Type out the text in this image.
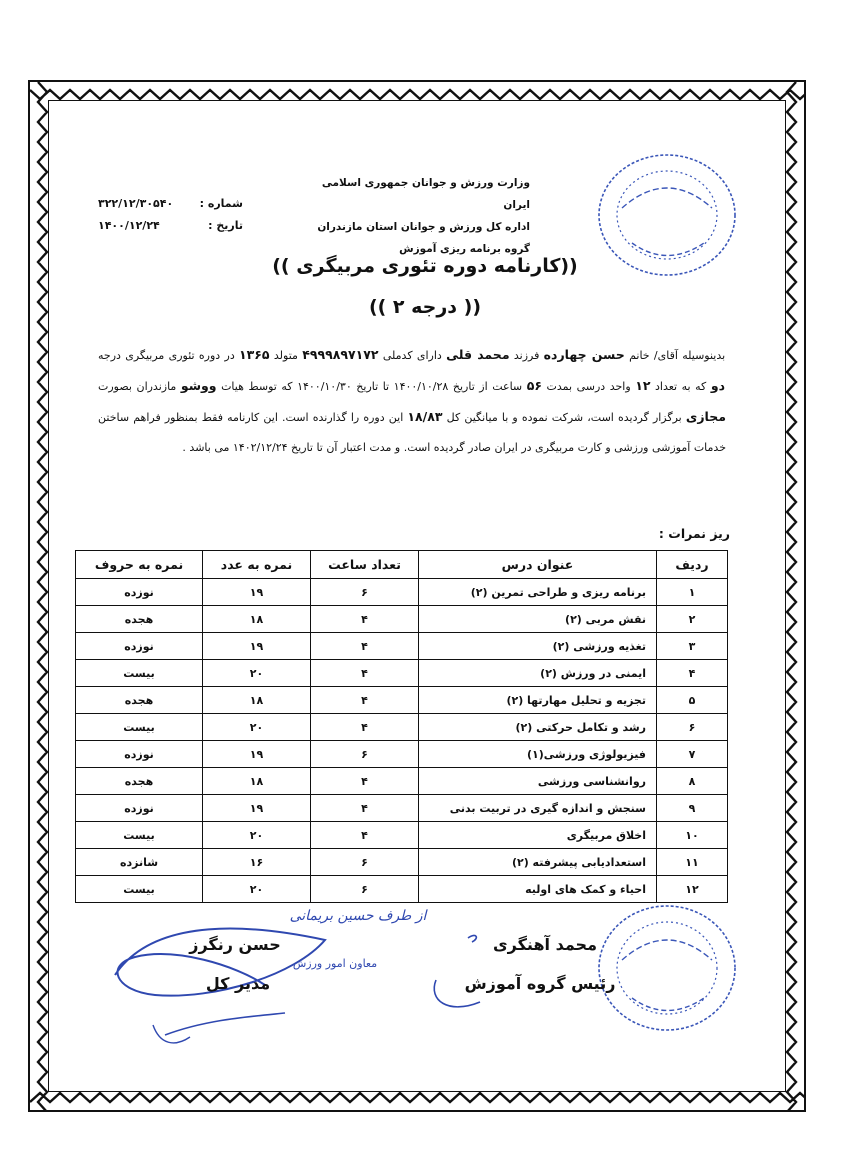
وزارت ورزش و جوانان جمهوری اسلامی ایران
اداره کل ورزش و جوانان استان مازندران
گروه برنامه ریزی آموزش
شماره :
۳۲۲/۱۲/۳۰۵۴۰
تاریخ :
۱۴۰۰/۱۲/۲۴
((کارنامه دوره تئوری مربیگری ))
(( درجه ۲ ))
بدینوسیله آقای/ خانم حسن چهارده فرزند محمد قلی دارای کدملی ۴۹۹۹۸۹۷۱۷۲ متولد ۱۳۶۵ در دوره تئوری مربیگری درجه دو که به تعداد ۱۲ واحد درسی بمدت ۵۶ ساعت از تاریخ ۱۴۰۰/۱۰/۲۸ تا تاریخ ۱۴۰۰/۱۰/۳۰ که توسط هیات ووشو مازندران بصورت مجازی برگزار گردیده است، شرکت نموده و با میانگین کل ۱۸/۸۳ این دوره را گذارنده است. این کارنامه فقط بمنظور فراهم ساختن خدمات آموزشی ورزشی و کارت مربیگری در ایران صادر گردیده است. و مدت اعتبار آن تا تاریخ ۱۴۰۲/۱۲/۲۴ می باشد .
ریز نمرات :
ردیف	عنوان درس	تعداد ساعت	نمره به عدد	نمره به حروف
۱	برنامه ریزی و طراحی تمرین (۲)	۶	۱۹	نوزده
۲	نقش مربی (۲)	۴	۱۸	هجده
۳	تغذیه ورزشی (۲)	۴	۱۹	نوزده
۴	ایمنی در ورزش (۲)	۴	۲۰	بیست
۵	تجزیه و تحلیل مهارتها (۲)	۴	۱۸	هجده
۶	رشد و تکامل حرکتی (۲)	۴	۲۰	بیست
۷	فیزیولوژی ورزشی(۱)	۶	۱۹	نوزده
۸	روانشناسی ورزشی	۴	۱۸	هجده
۹	سنجش و اندازه گیری در تربیت بدنی	۴	۱۹	نوزده
۱۰	اخلاق مربیگری	۴	۲۰	بیست
۱۱	استعدادیابی پیشرفته (۲)	۶	۱۶	شانزده
۱۲	احیاء و کمک های اولیه	۶	۲۰	بیست
از طرف حسین بریمانی
معاون امور ورزش
حسن رنگرز
مدیر کل
محمد آهنگری
رئیس گروه آموزش
